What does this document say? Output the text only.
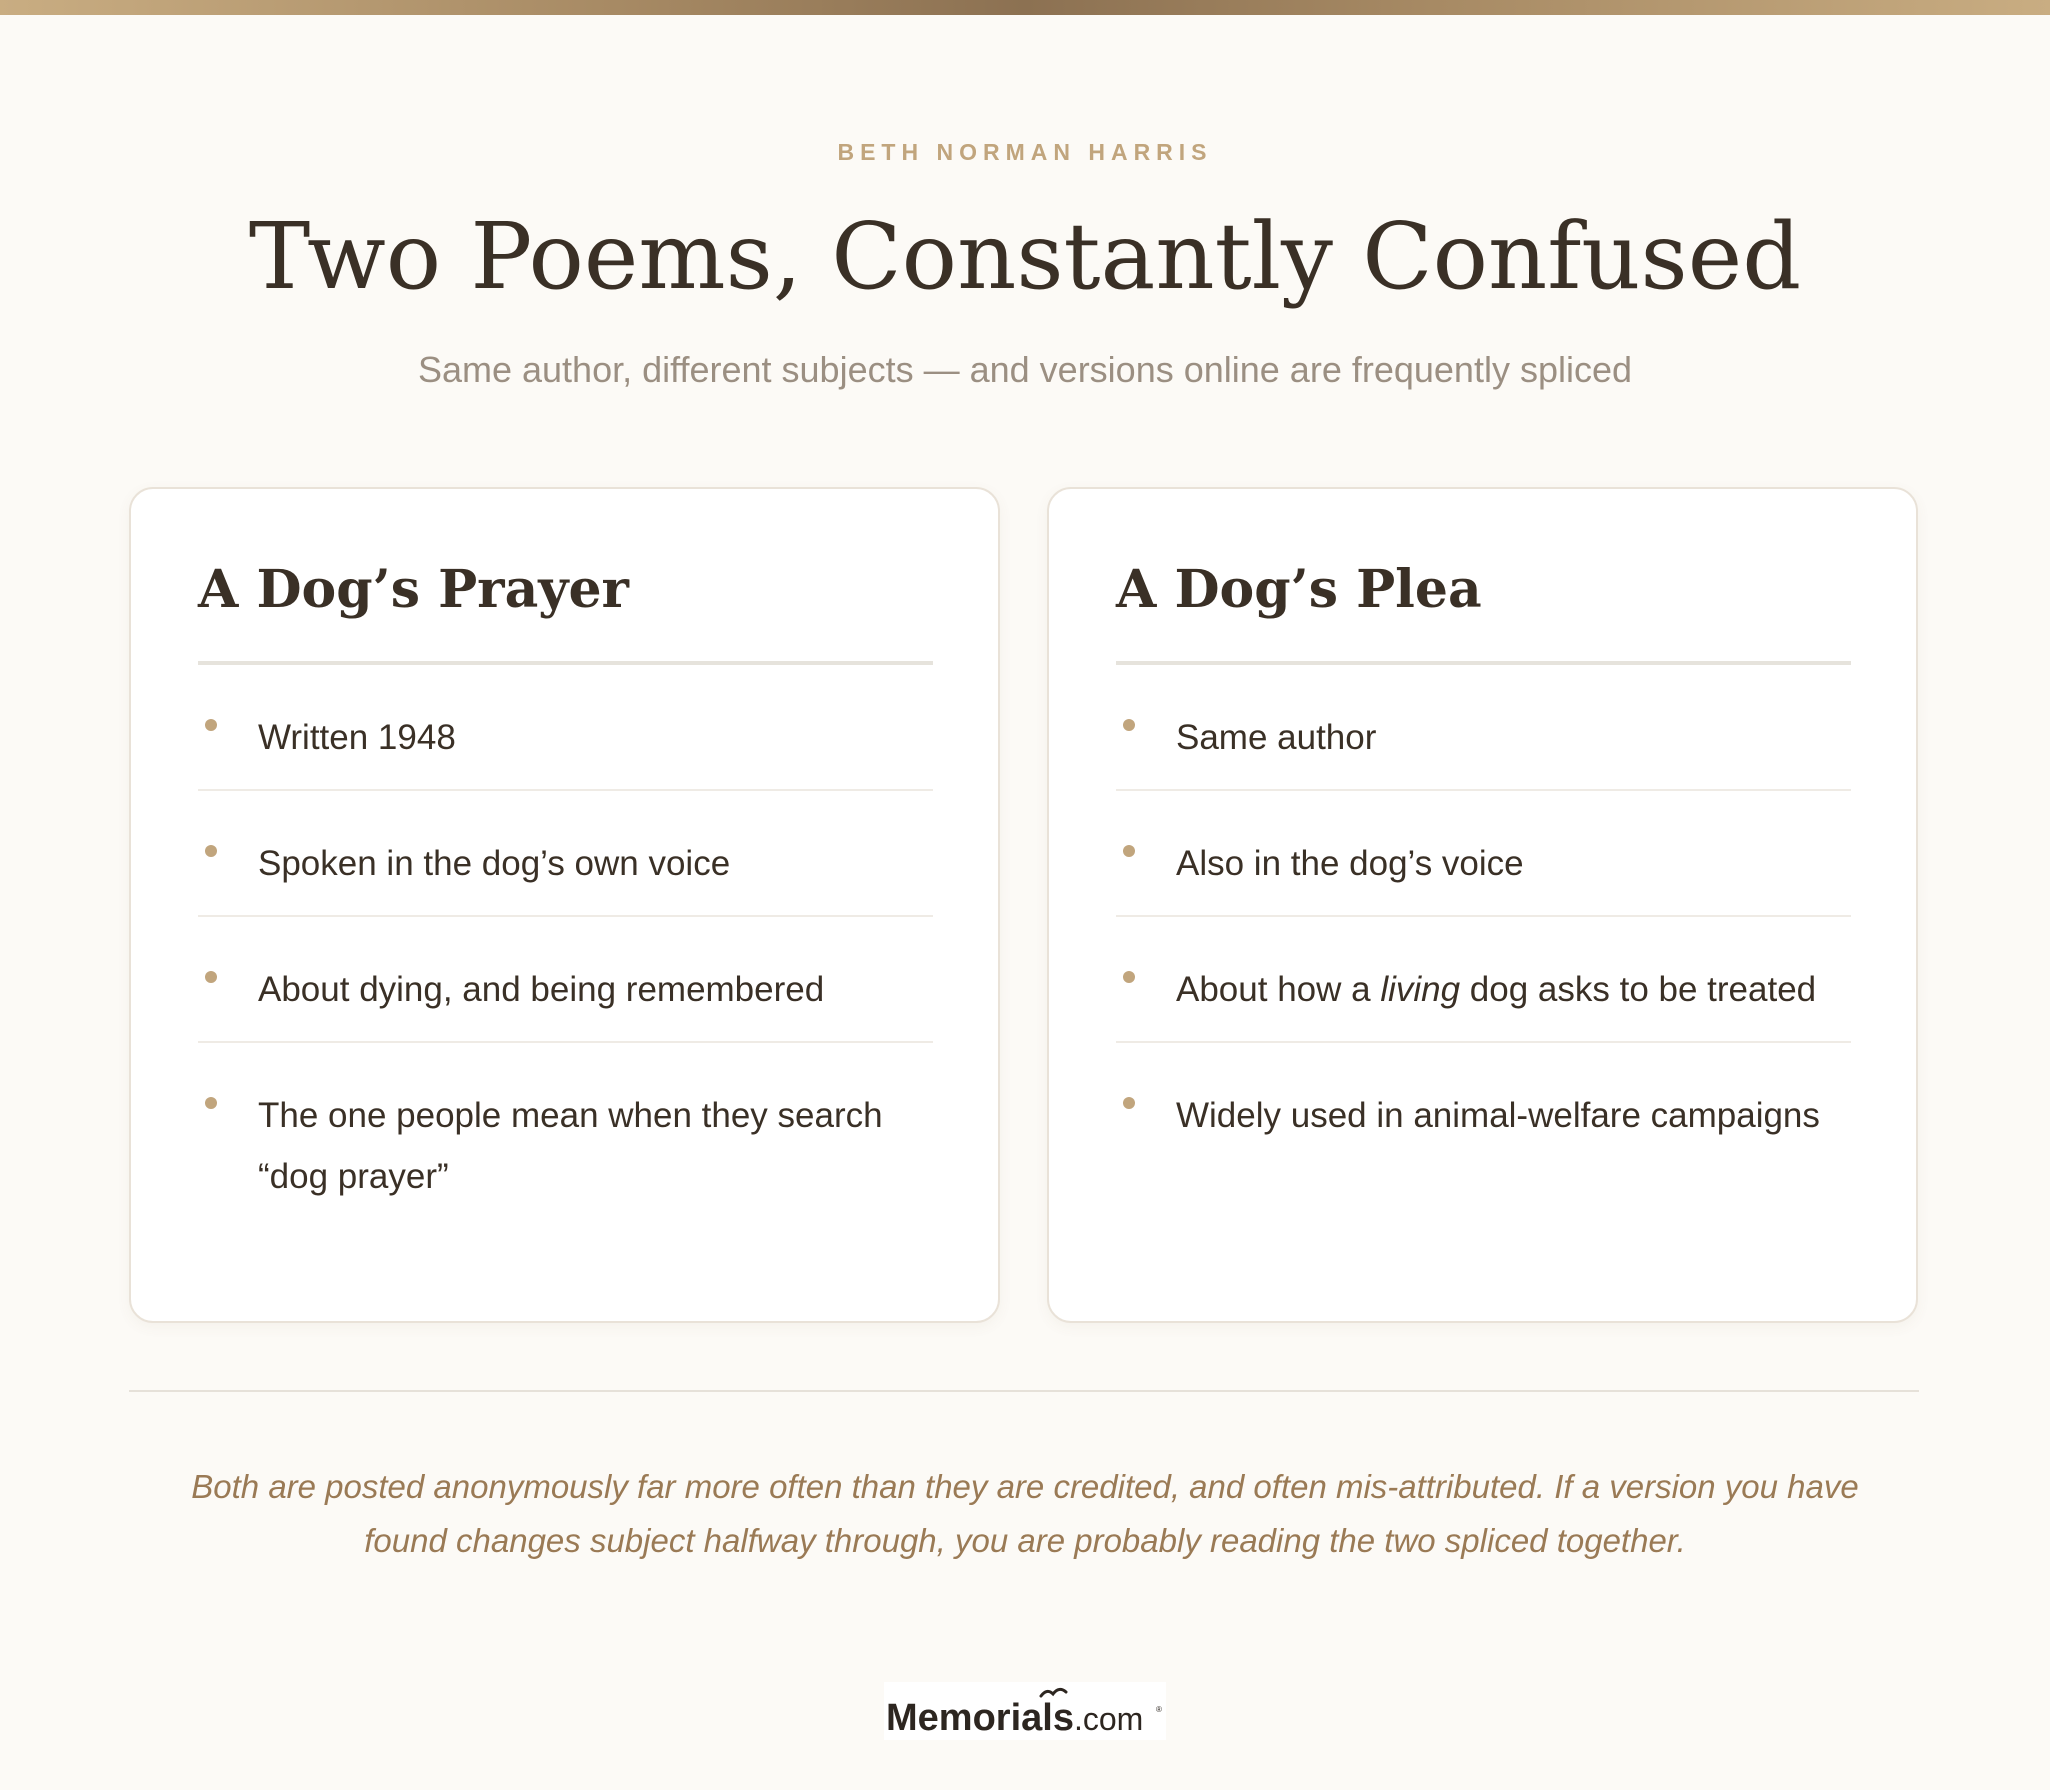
BETH NORMAN HARRIS
Two Poems, Constantly Confused
Same author, different subjects — and versions online are frequently spliced
A Dog’s Prayer
Written 1948
Spoken in the dog’s own voice
About dying, and being remembered
The one people mean when they search “dog prayer”
A Dog’s Plea
Same author
Also in the dog’s voice
About how a living dog asks to be treated
Widely used in animal-welfare campaigns
Both are posted anonymously far more often than they are credited, and often mis-attributed. If a version you have found changes subject halfway through, you are probably reading the two spliced together.
Memorials.com ®
